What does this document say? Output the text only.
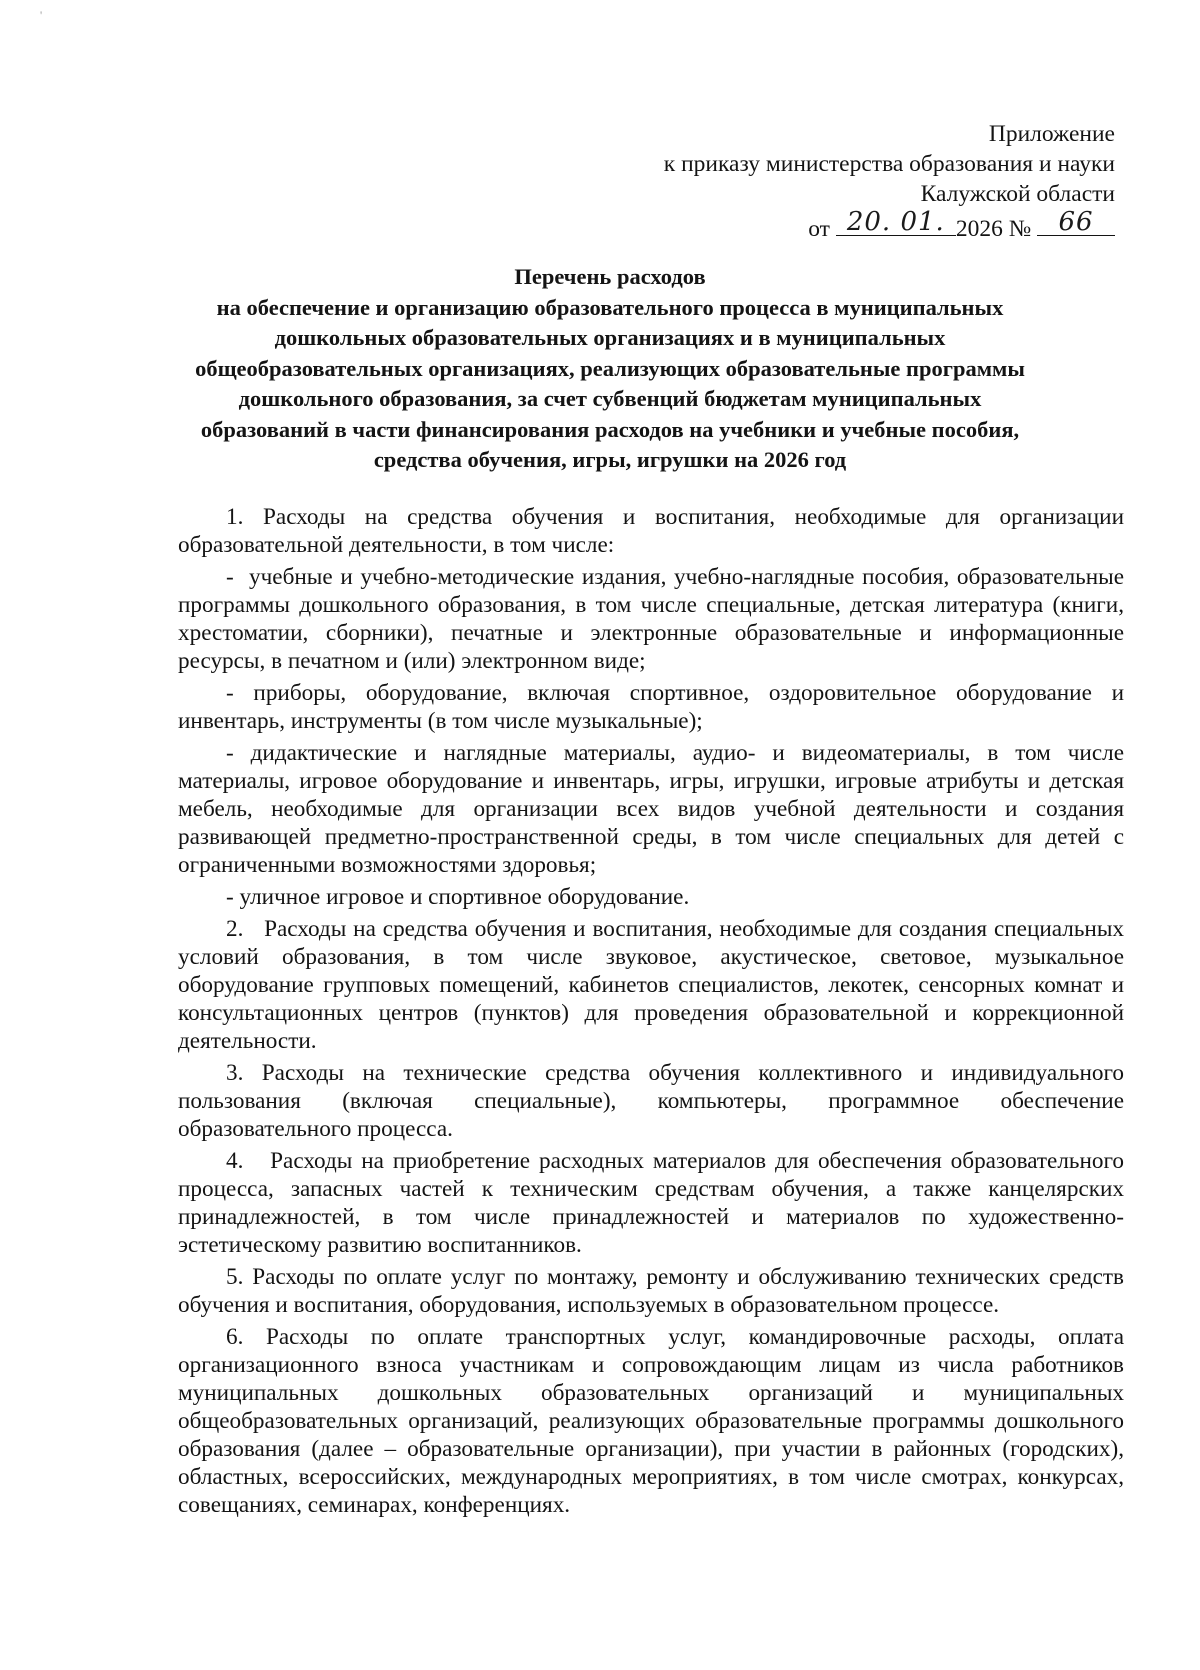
'
Приложение
к приказу министерства образования и науки
Калужской области
от 20. 01. 2026 №	66
Перечень расходов
на обеспечение и организацию образовательного процесса в муниципальных
дошкольных образовательных организациях и в муниципальных
общеобразовательных организациях, реализующих образовательные программы
дошкольного образования, за счет субвенций бюджетам муниципальных
образований в части финансирования расходов на учебники и учебные пособия,
средства обучения, игры, игрушки на 2026 год

1. Расходы на средства обучения и воспитания, необходимые для организации образовательной деятельности, в том числе:

-  учебные и учебно-методические издания, учебно-наглядные пособия, образовательные программы дошкольного образования, в том числе специальные, детская литература (книги, хрестоматии, сборники), печатные и электронные образовательные и информационные ресурсы, в печатном и (или) электронном виде;

- приборы, оборудование, включая спортивное, оздоровительное оборудование и инвентарь, инструменты (в том числе музыкальные);

- дидактические и наглядные материалы, аудио- и видеоматериалы, в том числе материалы, игровое оборудование и инвентарь, игры, игрушки, игровые атрибуты и детская мебель, необходимые для организации всех видов учебной деятельности и создания развивающей предметно-пространственной среды, в том числе специальных для детей с ограниченными возможностями здоровья;

- уличное игровое и спортивное оборудование.

2.   Расходы на средства обучения и воспитания, необходимые для создания специальных условий образования, в том числе звуковое, акустическое, световое, музыкальное оборудование групповых помещений, кабинетов специалистов, лекотек, сенсорных комнат и консультационных центров (пунктов) для проведения образовательной и коррекционной деятельности.

3. Расходы на технические средства обучения коллективного и индивидуального пользования (включая специальные), компьютеры, программное обеспечение образовательного процесса.

4.   Расходы на приобретение расходных материалов для обеспечения образовательного процесса, запасных частей к техническим средствам обучения, а также канцелярских принадлежностей, в том числе принадлежностей и материалов по художественно-эстетическому развитию воспитанников.

5. Расходы по оплате услуг по монтажу, ремонту и обслуживанию технических средств обучения и воспитания, оборудования, используемых в образовательном процессе.

6. Расходы по оплате транспортных услуг, командировочные расходы, оплата организационного взноса участникам и сопровождающим лицам из числа работников муниципальных дошкольных образовательных организаций и муниципальных общеобразовательных организаций, реализующих образовательные программы дошкольного образования (далее – образовательные организации), при участии в районных (городских), областных, всероссийских, международных мероприятиях, в том числе смотрах, конкурсах, совещаниях, семинарах, конференциях.
